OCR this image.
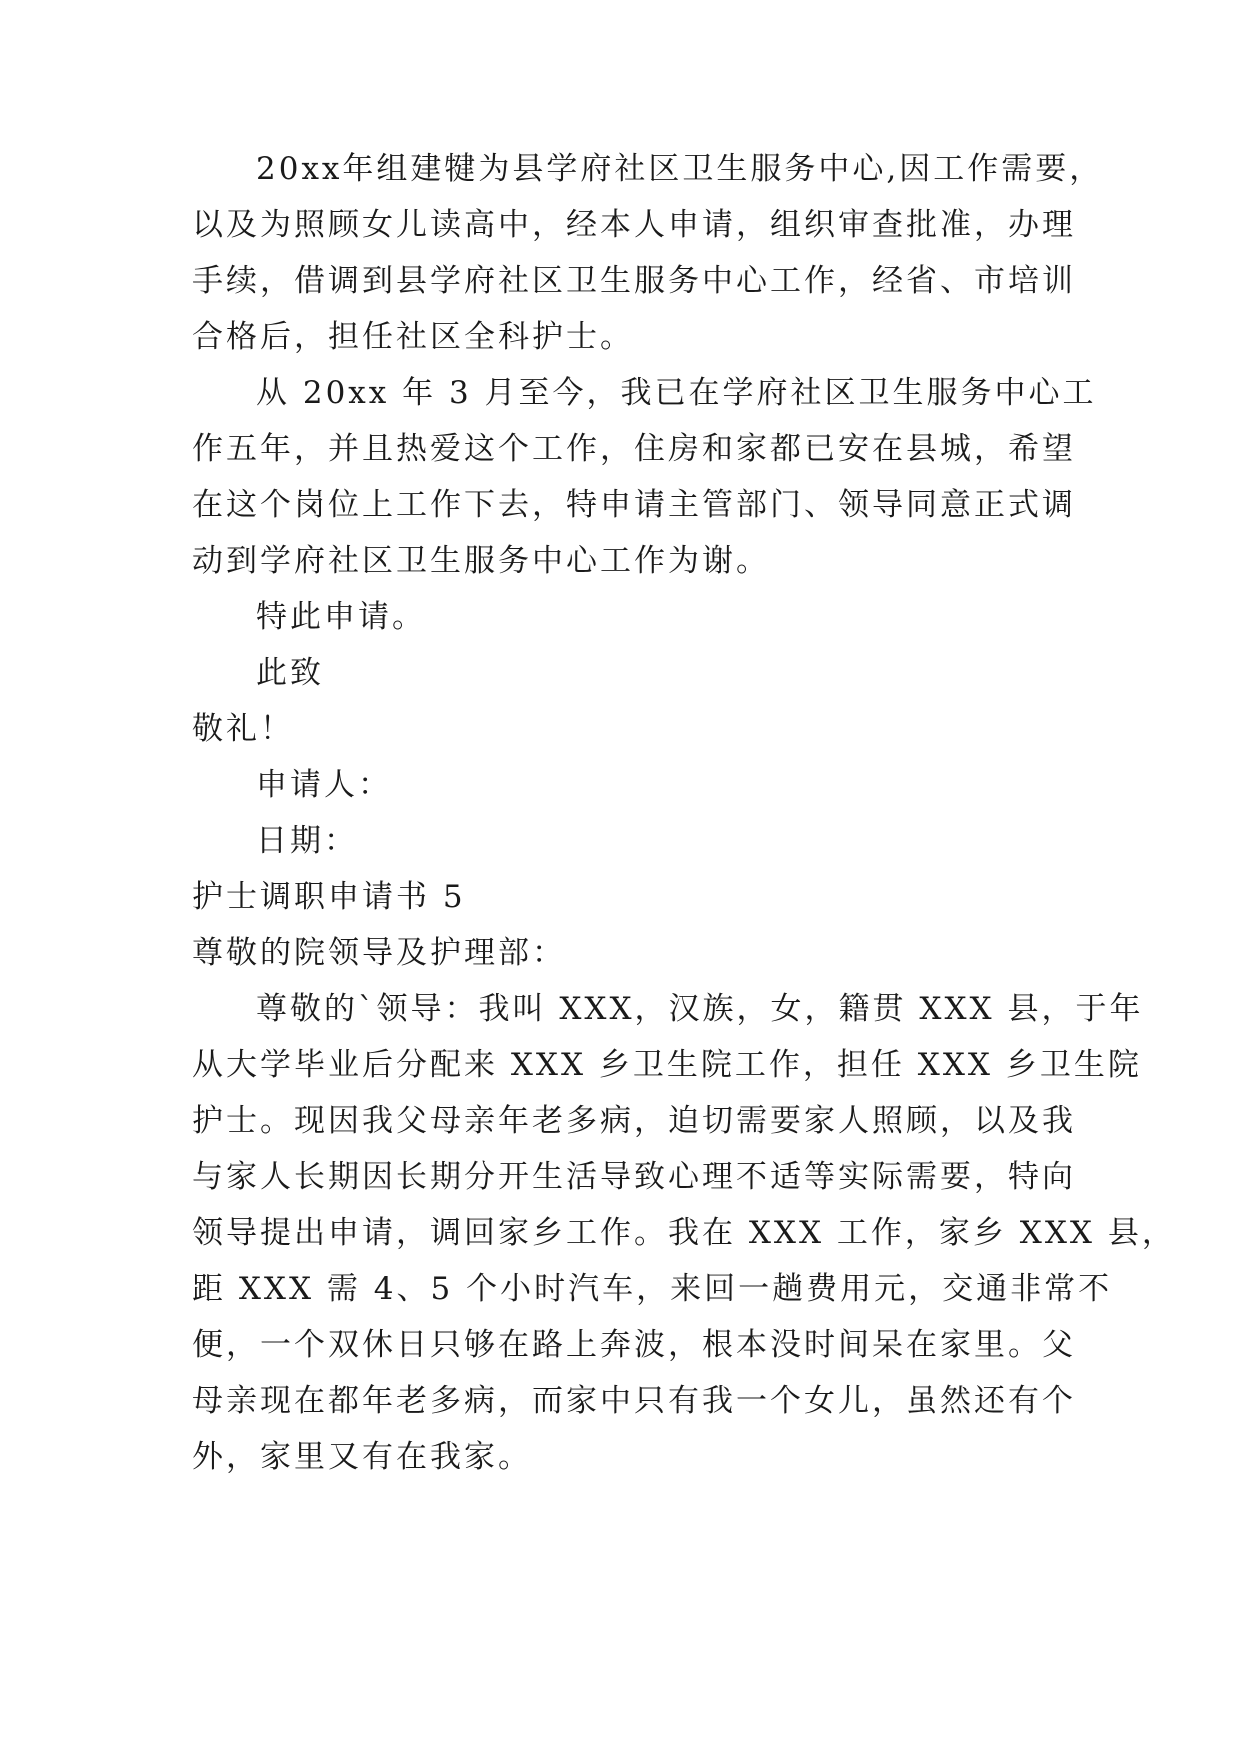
20xx年组建犍为县学府社区卫生服务中心,因工作需要，

以及为照顾女儿读高中，经本人申请，组织审查批准，办理

手续，借调到县学府社区卫生服务中心工作，经省、市培训

合格后，担任社区全科护士。

从 20xx 年 3 月至今，我已在学府社区卫生服务中心工

作五年，并且热爱这个工作，住房和家都已安在县城，希望

在这个岗位上工作下去，特申请主管部门、领导同意正式调

动到学府社区卫生服务中心工作为谢。

特此申请。

此致

敬礼！

申请人：

日期：

护士调职申请书 5

尊敬的院领导及护理部：

尊敬的`领导：我叫 XXX，汉族，女，籍贯 XXX 县，于年

从大学毕业后分配来 XXX 乡卫生院工作，担任 XXX 乡卫生院

护士。现因我父母亲年老多病，迫切需要家人照顾，以及我

与家人长期因长期分开生活导致心理不适等实际需要，特向

领导提出申请，调回家乡工作。我在 XXX 工作，家乡 XXX 县，

距 XXX 需 4、5 个小时汽车，来回一趟费用元，交通非常不

便，一个双休日只够在路上奔波，根本没时间呆在家里。父

母亲现在都年老多病，而家中只有我一个女儿，虽然还有个

外，家里又有在我家。
